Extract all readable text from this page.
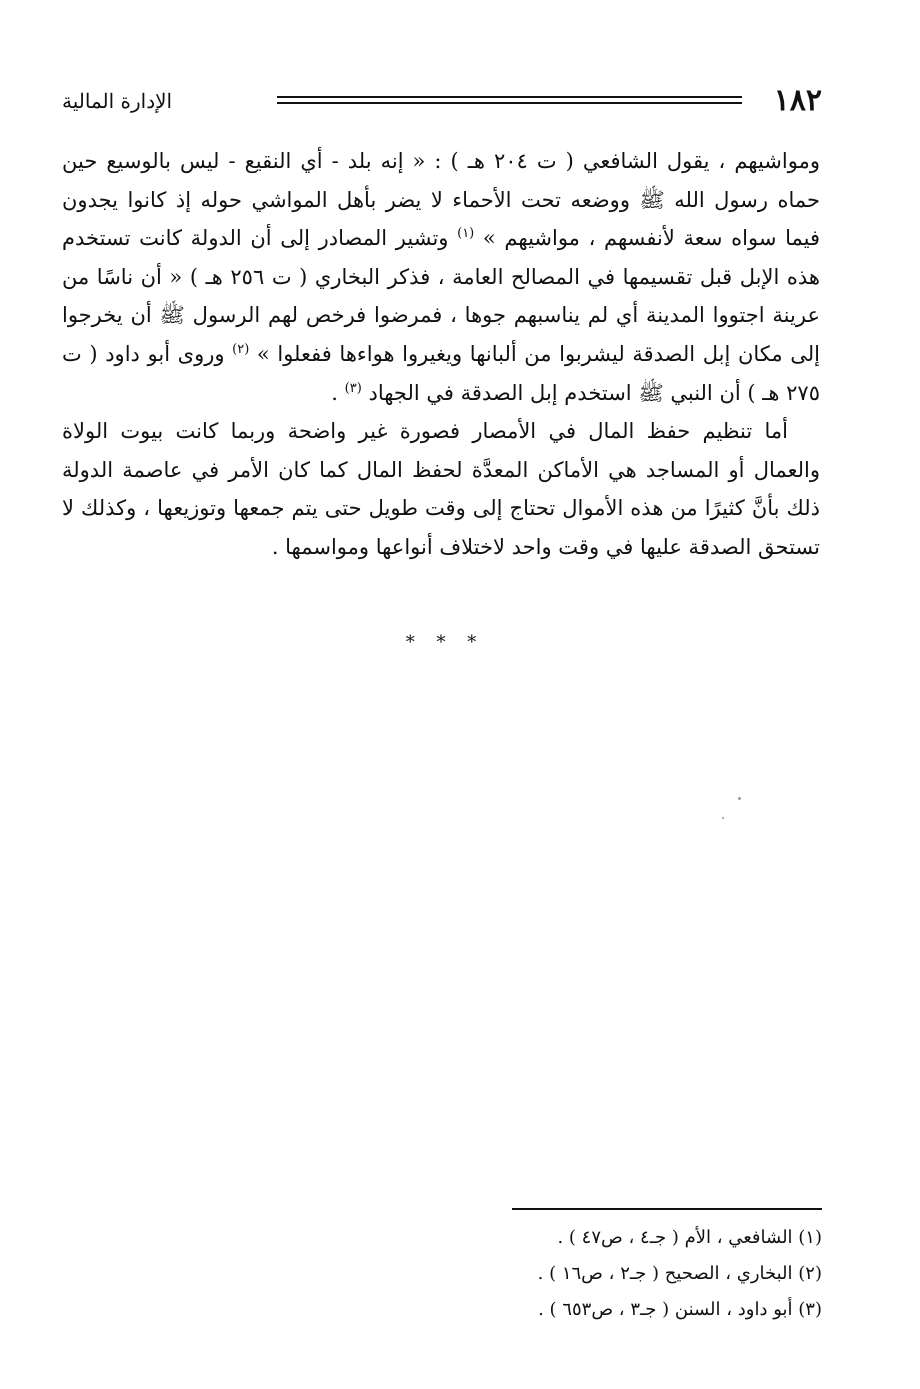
١٨٢
الإدارة المالية

ومواشيهم ، يقول الشافعي ( ت ٢٠٤ هـ ) : « إنه بلد - أي النقيع - ليس بالوسيع حين حماه رسول الله ﷺ ووضعه تحت الأحماء لا يضر بأهل المواشي حوله إذ كانوا يجدون فيما سواه سعة لأنفسهم ، مواشيهم » $^{(١)}$ وتشير المصادر إلى أن الدولة كانت تستخدم هذه الإبل قبل تقسيمها في المصالح العامة ، فذكر البخاري ( ت ٢٥٦ هـ ) « أن ناسًا من عرينة اجتووا المدينة أي لم يناسبهم جوها ، فمرضوا فرخص لهم الرسول ﷺ أن يخرجوا إلى مكان إبل الصدقة ليشربوا من ألبانها ويغيروا هواءها ففعلوا » $^{(٢)}$ وروى أبو داود ( ت ٢٧٥ هـ ) أن النبي ﷺ استخدم إبل الصدقة في الجهاد $^{(٣)}$ .

أما تنظيم حفظ المال في الأمصار فصورة غير واضحة وربما كانت بيوت الولاة والعمال أو المساجد هي الأماكن المعدَّة لحفظ المال كما كان الأمر في عاصمة الدولة ذلك بأنَّ كثيرًا من هذه الأموال تحتاج إلى وقت طويل حتى يتم جمعها وتوزيعها ، وكذلك لا تستحق الصدقة عليها في وقت واحد لاختلاف أنواعها ومواسمها .

* * *
(١) الشافعي ، الأم ( جـ٤ ، ص٤٧ ) .
(٢) البخاري ، الصحيح ( جـ٢ ، ص١٦ ) .
(٣) أبو داود ، السنن ( جـ٣ ، ص٦٥٣ ) .
